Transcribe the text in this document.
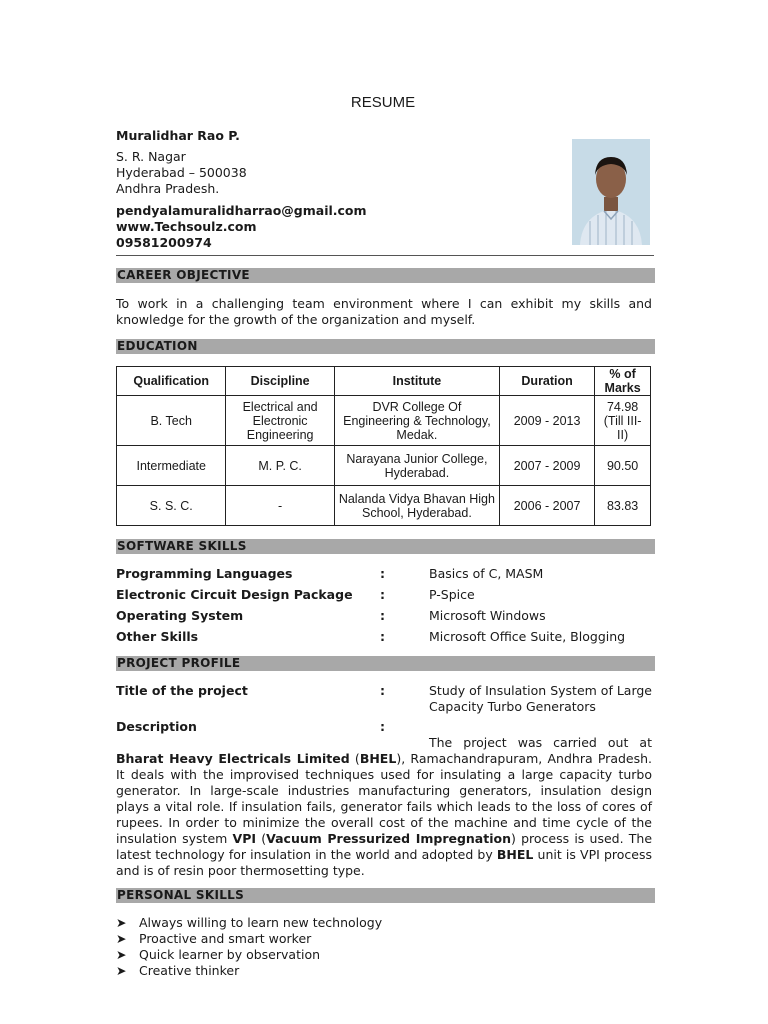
RESUME
Muralidhar Rao P.
S. R. Nagar
Hyderabad – 500038
Andhra Pradesh.
pendyalamuralidharrao@gmail.com
www.Techsoulz.com
09581200974
CAREER OBJECTIVE
To work in a challenging team environment where I can exhibit my skills and knowledge for the growth of the organization and myself.
EDUCATION
Qualification	Discipline	Institute	Duration	% of Marks
B. Tech	Electrical and Electronic Engineering	DVR College Of Engineering & Technology, Medak.	2009 - 2013	74.98 (Till III-II)
Intermediate	M. P. C.	Narayana Junior College, Hyderabad.	2007 - 2009	90.50
S. S. C.	-	Nalanda Vidya Bhavan High School, Hyderabad.	2006 - 2007	83.83
SOFTWARE SKILLS
Programming Languages	:	Basics of C, MASM
Electronic Circuit Design Package :	P-Spice
Operating System	:	Microsoft Windows
Other Skills	:	Microsoft Office Suite, Blogging
PROJECT PROFILE
Title of the project	:	Study of Insulation System of Large Capacity Turbo Generators
Description	:
The project was carried out at
Bharat Heavy Electricals Limited (BHEL), Ramachandrapuram, Andhra Pradesh. It deals with the improvised techniques used for insulating a large capacity turbo generator. In large-scale industries manufacturing generators, insulation design plays a vital role. If insulation fails, generator fails which leads to the loss of cores of rupees. In order to minimize the overall cost of the machine and time cycle of the insulation system VPI (Vacuum Pressurized Impregnation) process is used. The latest technology for insulation in the world and adopted by BHEL unit is VPI process and is of resin poor thermosetting type.
PERSONAL SKILLS
➤ Always willing to learn new technology
➤ Proactive and smart worker
➤ Quick learner by observation
➤ Creative thinker
